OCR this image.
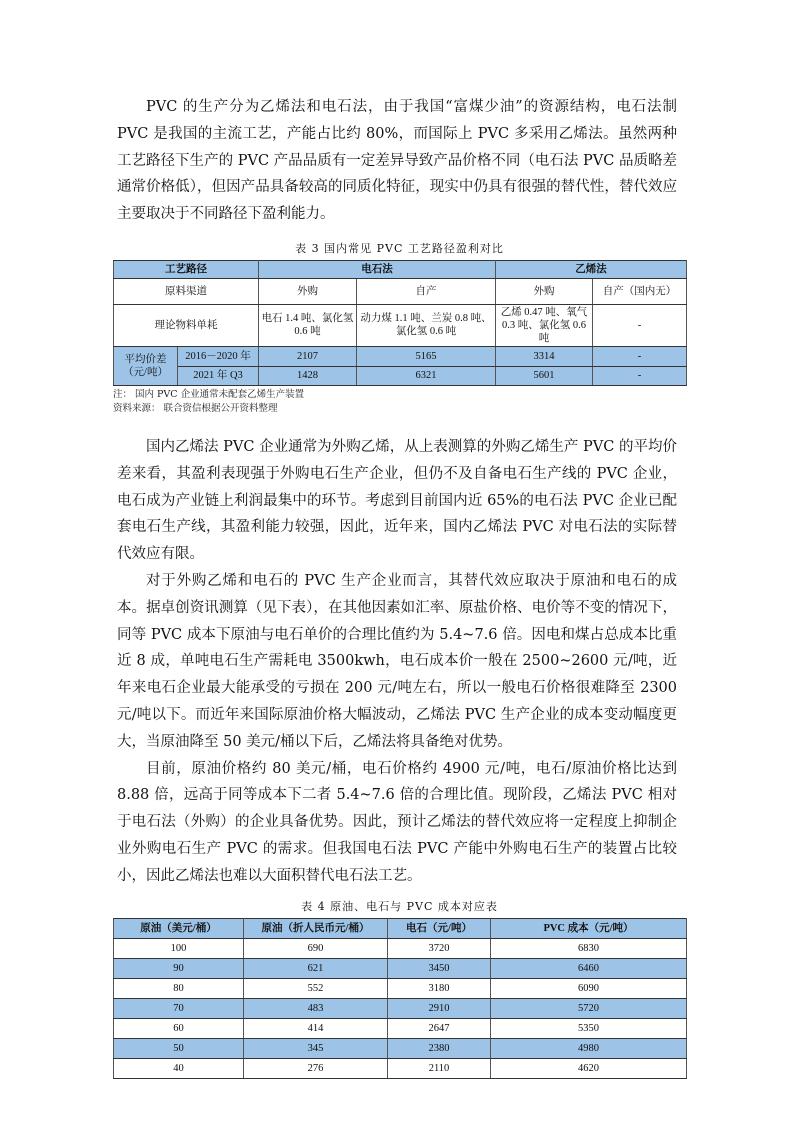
PVC 的生产分为乙烯法和电石法，由于我国“富煤少油”的资源结构，电石法制 PVC 是我国的主流工艺，产能占比约 80%，而国际上 PVC 多采用乙烯法。虽然两种工艺路径下生产的 PVC 产品品质有一定差异导致产品价格不同（电石法 PVC 品质略差通常价格低），但因产品具备较高的同质化特征，现实中仍具有很强的替代性，替代效应主要取决于不同路径下盈利能力。

表 3 国内常见 PVC 工艺路径盈利对比
工艺路径		电石法		乙烯法	
原料渠道		外购	自产	外购	自产（国内无）
理论物料单耗		电石 1.4 吨、氯化氢 0.6 吨	动力煤 1.1 吨、兰炭 0.8 吨、氯化氢 0.6 吨	乙烯 0.47 吨、氧气 0.3 吨、氯化氢 0.6 吨	-
平均价差（元/吨）	2016－2020 年	2107	5165	3314	-
	2021 年 Q3	1428	6321	5601	-
注： 国内 PVC 企业通常未配套乙烯生产装置
资料来源： 联合资信根据公开资料整理

国内乙烯法 PVC 企业通常为外购乙烯，从上表测算的外购乙烯生产 PVC 的平均价差来看，其盈利表现强于外购电石生产企业，但仍不及自备电石生产线的 PVC 企业，电石成为产业链上利润最集中的环节。考虑到目前国内近 65%的电石法 PVC 企业已配套电石生产线，其盈利能力较强，因此，近年来，国内乙烯法 PVC 对电石法的实际替代效应有限。

对于外购乙烯和电石的 PVC 生产企业而言，其替代效应取决于原油和电石的成本。据卓创资讯测算（见下表），在其他因素如汇率、原盐价格、电价等不变的情况下，同等 PVC 成本下原油与电石单价的合理比值约为 5.4~7.6 倍。因电和煤占总成本比重近 8 成，单吨电石生产需耗电 3500kwh，电石成本价一般在 2500~2600 元/吨，近年来电石企业最大能承受的亏损在 200 元/吨左右，所以一般电石价格很难降至 2300 元/吨以下。而近年来国际原油价格大幅波动，乙烯法 PVC 生产企业的成本变动幅度更大，当原油降至 50 美元/桶以下后，乙烯法将具备绝对优势。

目前，原油价格约 80 美元/桶，电石价格约 4900 元/吨，电石/原油价格比达到 8.88 倍，远高于同等成本下二者 5.4~7.6 倍的合理比值。现阶段，乙烯法 PVC 相对于电石法（外购）的企业具备优势。因此，预计乙烯法的替代效应将一定程度上抑制企业外购电石生产 PVC 的需求。但我国电石法 PVC 产能中外购电石生产的装置占比较小，因此乙烯法也难以大面积替代电石法工艺。

表 4 原油、电石与 PVC 成本对应表
原油（美元/桶）	原油（折人民币元/桶）	电石（元/吨）	PVC 成本（元/吨）
100	690	3720	6830
90	621	3450	6460
80	552	3180	6090
70	483	2910	5720
60	414	2647	5350
50	345	2380	4980
40	276	2110	4620
